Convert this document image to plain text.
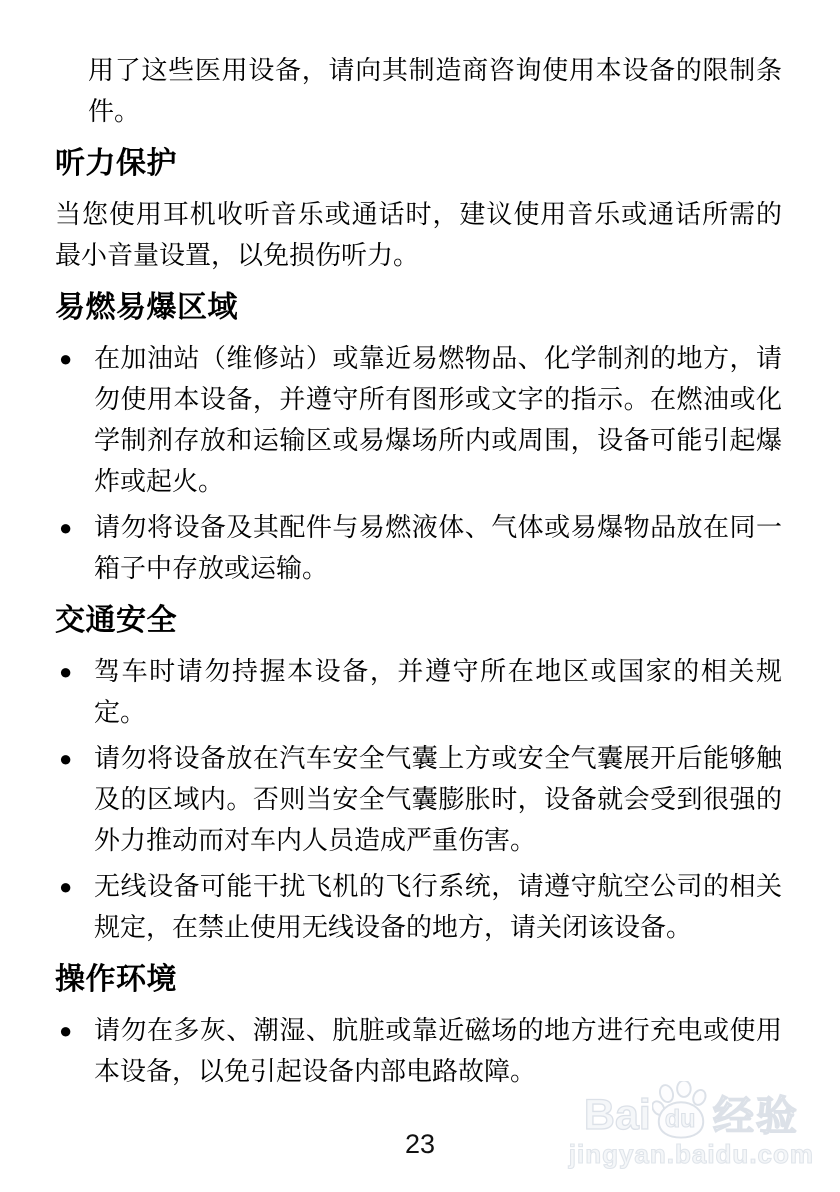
用了这些医用设备，请向其制造商咨询使用本设备的限制条件。

听力保护

当您使用耳机收听音乐或通话时，建议使用音乐或通话所需的最小音量设置，以免损伤听力。

易燃易爆区域
● 在加油站（维修站）或靠近易燃物品、化学制剂的地方，请勿使用本设备，并遵守所有图形或文字的指示。在燃油或化学制剂存放和运输区或易爆场所内或周围，设备可能引起爆炸或起火。
● 请勿将设备及其配件与易燃液体、气体或易爆物品放在同一箱子中存放或运输。
交通安全
● 驾车时请勿持握本设备，并遵守所在地区或国家的相关规定。
● 请勿将设备放在汽车安全气囊上方或安全气囊展开后能够触及的区域内。否则当安全气囊膨胀时，设备就会受到很强的外力推动而对车内人员造成严重伤害。
● 无线设备可能干扰飞机的飞行系统，请遵守航空公司的相关规定，在禁止使用无线设备的地方，请关闭该设备。
操作环境
● 请勿在多灰、潮湿、肮脏或靠近磁场的地方进行充电或使用本设备，以免引起设备内部电路故障。
23
Bai du 经验
jingyan.baidu.com
